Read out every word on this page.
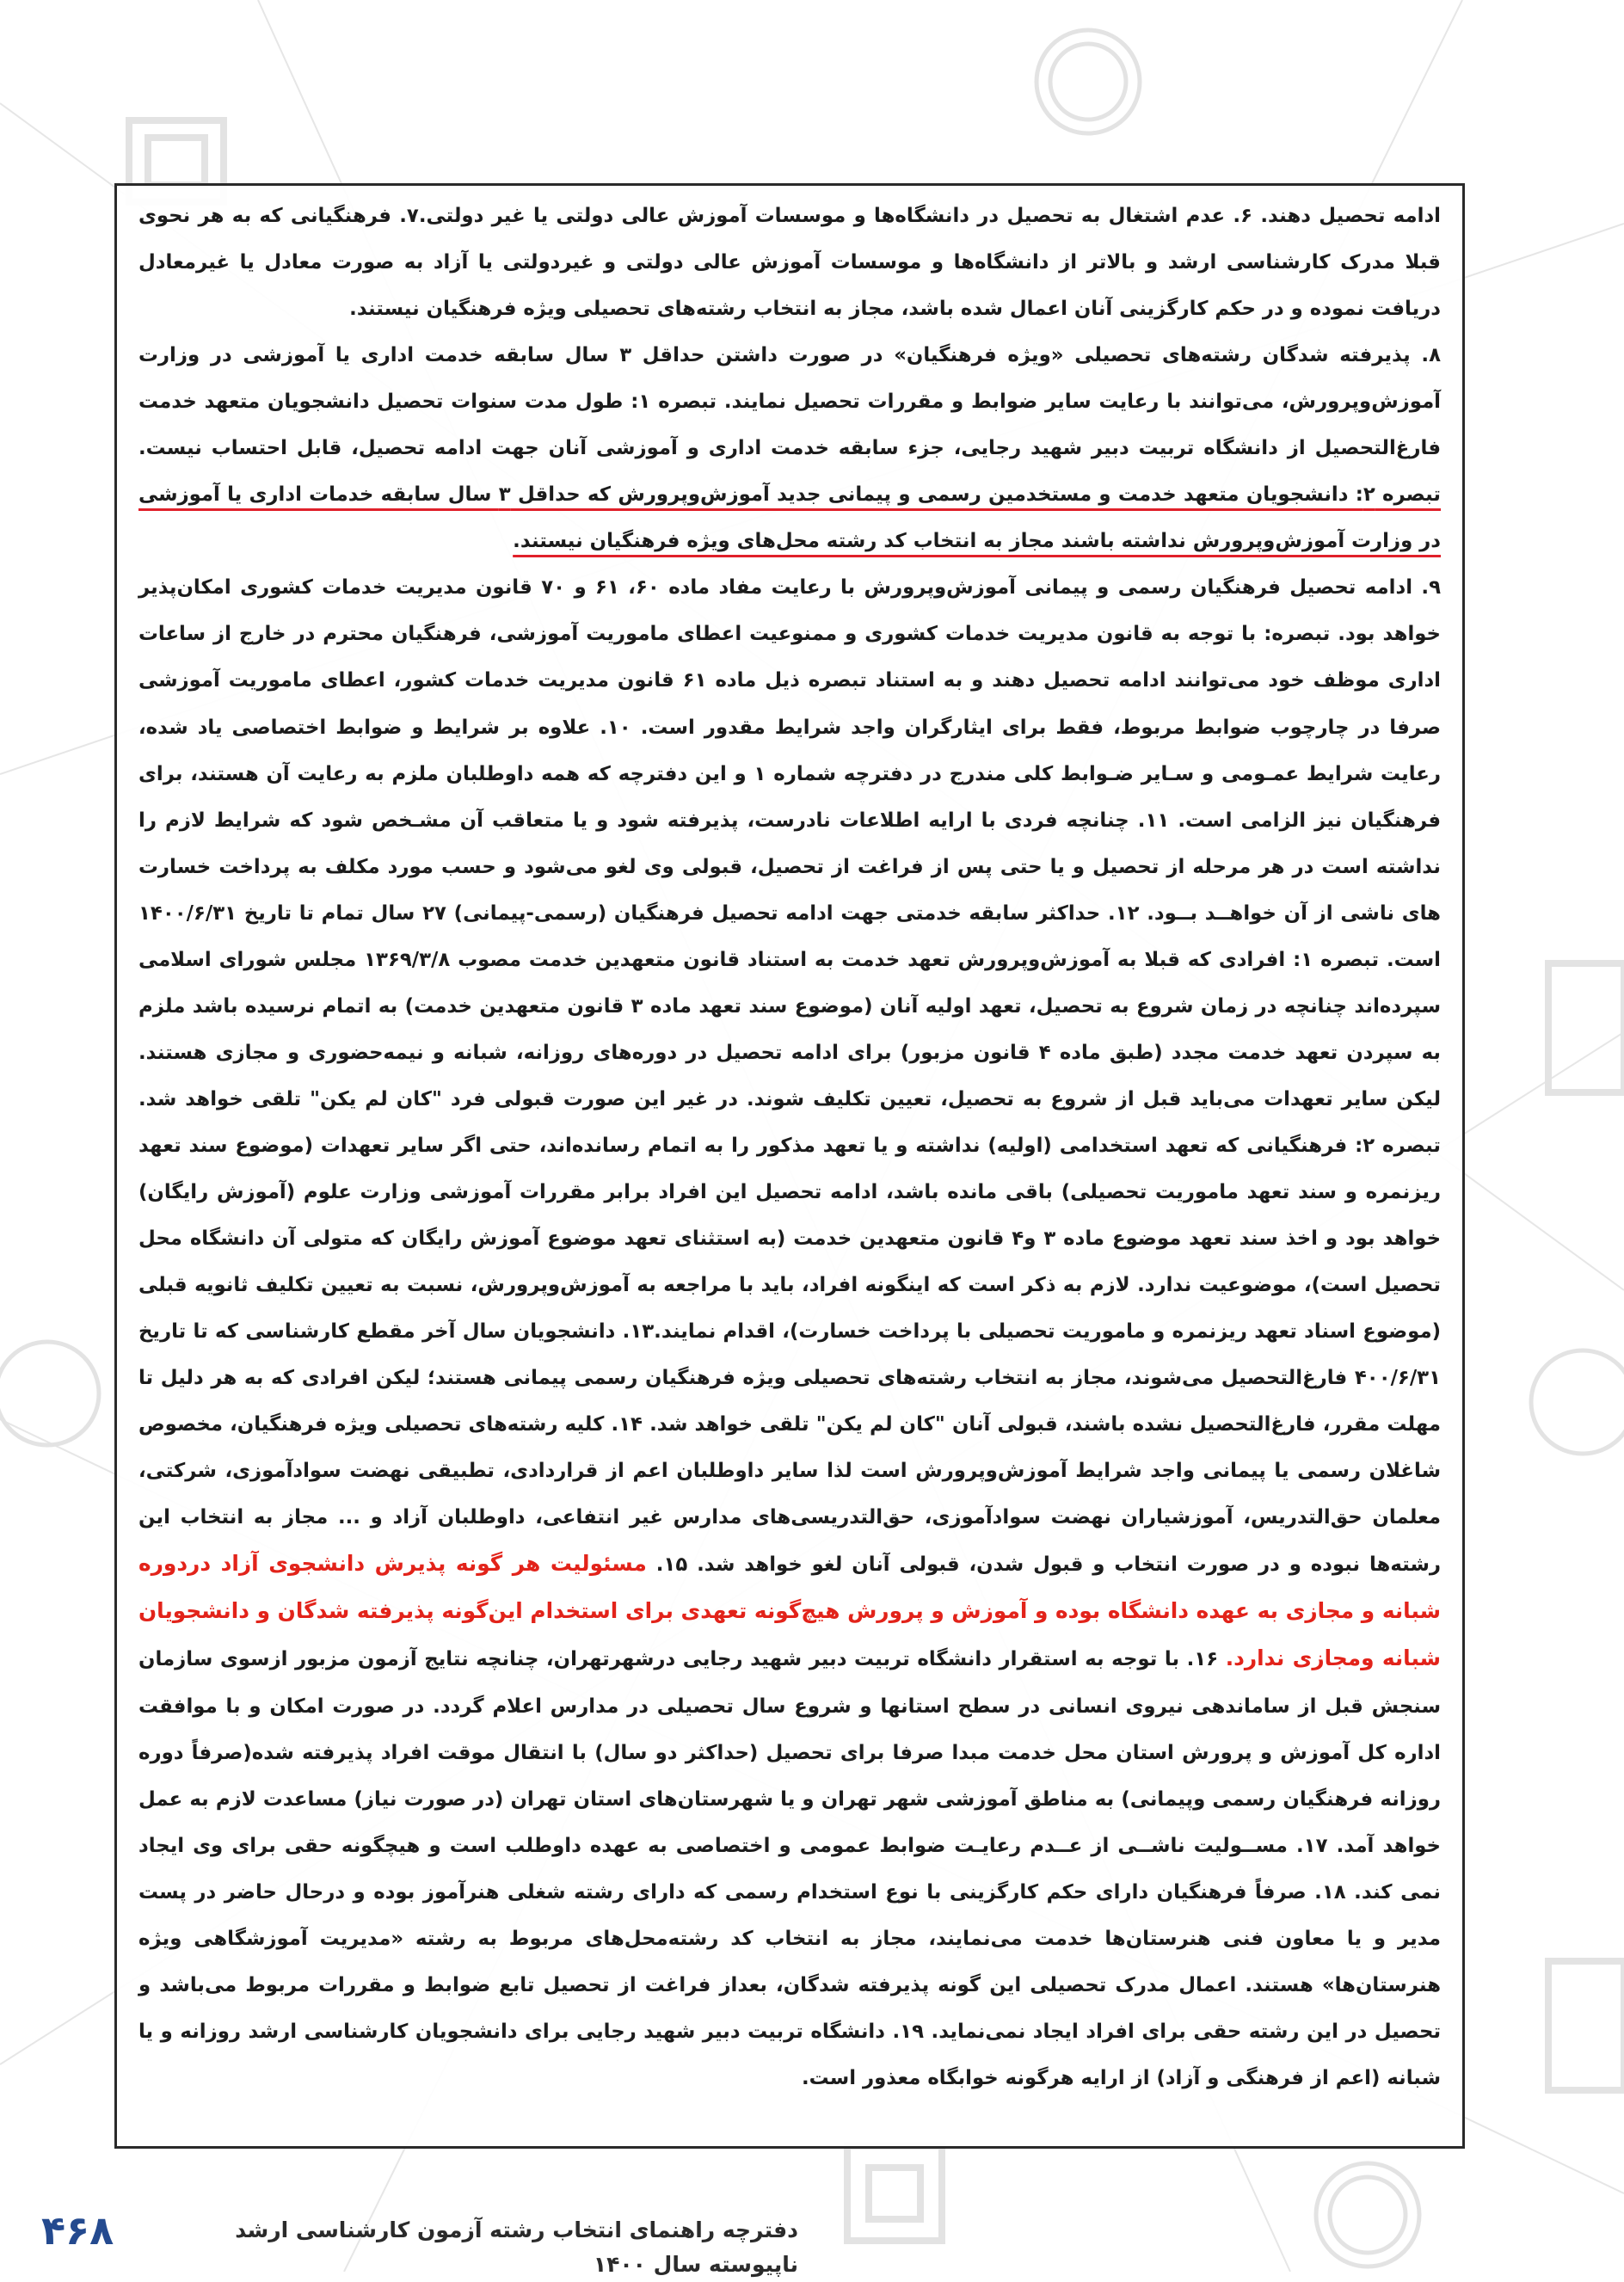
ادامه تحصیل دهند. ۶. عدم اشتغال به تحصیل در دانشگاه‌ها و موسسات آموزش عالی دولتی یا غیر دولتی.۷. فرهنگیانی که به هر نحوی قبلا مدرک کارشناسی ارشد و بالاتر از دانشگاه‌ها و موسسات آموزش عالی دولتی و غیردولتی یا آزاد به صورت معادل یا غیرمعادل دریافت نموده و در حکم کارگزینی آنان اعمال شده باشد، مجاز به انتخاب رشته‌های تحصیلی ویژه فرهنگیان نیستند.
۸. پذیرفته شدگان رشته‌های تحصیلی «ویژه فرهنگیان» در صورت داشتن حداقل ۳ سال سابقه خدمت اداری یا آموزشی در وزارت آموزش‌وپرورش، می‌توانند با رعایت سایر ضوابط و مقررات تحصیل نمایند. تبصره ۱: طول مدت سنوات تحصیل دانشجویان متعهد خدمت فارغ‌التحصیل از دانشگاه تربیت دبیر شهید رجایی، جزء سابقه خدمت اداری و آموزشی آنان جهت ادامه تحصیل، قابل احتساب نیست. تبصره ۲: دانشجویان متعهد خدمت و مستخدمین رسمی و پیمانی جدید آموزش‌وپرورش که حداقل ۳ سال سابقه خدمات اداری یا آموزشی در وزارت آموزش‌وپرورش نداشته باشند مجاز به انتخاب کد رشته محل‌های ویژه فرهنگیان نیستند.
۹. ادامه تحصیل فرهنگیان رسمی و پیمانی آموزش‌وپرورش با رعایت مفاد ماده ۶۰، ۶۱ و ۷۰ قانون مدیریت خدمات کشوری امکان‌پذیر خواهد بود. تبصره: با توجه به قانون مدیریت خدمات کشوری و ممنوعیت اعطای ماموریت آموزشی، فرهنگیان محترم در خارج از ساعات اداری موظف خود می‌توانند ادامه تحصیل دهند و به استناد تبصره ذیل ماده ۶۱ قانون مدیریت خدمات کشور، اعطای ماموریت آموزشی صرفا در چارچوب ضوابط مربوط، فقط برای ایثارگران واجد شرایط مقدور است. ۱۰. علاوه بر شرایط و ضوابط اختصاصی یاد شده، رعایت شرایط عمـومی و سـایر ضـوابط کلی مندرج در دفترچه شماره ۱ و این دفترچه که همه داوطلبان ملزم به رعایت آن هستند، برای فرهنگیان نیز الزامی است. ۱۱. چنانچه فردی با ارایه اطلاعات نادرست، پذیرفته شود و یا متعاقب آن مشـخص شود که شرایط لازم را نداشته است در هر مرحله از تحصیل و یا حتی پس از فراغت از تحصیل، قبولی وی لغو می‌شود و حسب مورد مکلف به پرداخت خسارت های ناشی از آن خواهــد بــود. ۱۲. حداکثر سابقه خدمتی جهت ادامه تحصیل فرهنگیان (رسمی-پیمانی) ۲۷ سال تمام تا تاریخ ۱۴۰۰/۶/۳۱ است. تبصره ۱: افرادی که قبلا به آموزش‌وپرورش تعهد خدمت به استناد قانون متعهدین خدمت مصوب ۱۳۶۹/۳/۸ مجلس شورای اسلامی سپرده‌اند چنانچه در زمان شروع به تحصیل، تعهد اولیه آنان (موضوع سند تعهد ماده ۳ قانون متعهدین خدمت) به اتمام نرسیده باشد ملزم به سپردن تعهد خدمت مجدد (طبق ماده ۴ قانون مزبور) برای ادامه تحصیل در دوره‌های روزانه، شبانه و نیمه‌حضوری و مجازی هستند. لیکن سایر تعهدات می‌باید قبل از شروع به تحصیل، تعیین تکلیف شوند. در غیر این صورت قبولی فرد "کان لم یکن" تلقی خواهد شد. تبصره ۲: فرهنگیانی که تعهد استخدامی (اولیه) نداشته و یا تعهد مذکور را به اتمام رسانده‌اند، حتی اگر سایر تعهدات (موضوع سند تعهد ریزنمره و سند تعهد ماموریت تحصیلی) باقی مانده باشد، ادامه تحصیل این افراد برابر مقررات آموزشی وزارت علوم (آموزش رایگان) خواهد بود و اخذ سند تعهد موضوع ماده ۳ و۴ قانون متعهدین خدمت (به استثنای تعهد موضوع آموزش رایگان که متولی آن دانشگاه محل تحصیل است)، موضوعیت ندارد. لازم به ذکر است که اینگونه افراد، باید با مراجعه به آموزش‌وپرورش، نسبت به تعیین تکلیف ثانویه قبلی (موضوع اسناد تعهد ریزنمره و ماموریت تحصیلی با پرداخت خسارت)، اقدام نمایند.۱۳. دانشجویان سال آخر مقطع کارشناسی که تا تاریخ ۴۰۰/۶/۳۱ فارغ‌التحصیل می‌شوند، مجاز به انتخاب رشته‌های تحصیلی ویژه فرهنگیان رسمی پیمانی هستند؛ لیکن افرادی که به هر دلیل تا مهلت مقرر، فارغ‌التحصیل نشده باشند، قبولی آنان "کان لم یکن" تلقی خواهد شد. ۱۴. کلیه رشته‌های تحصیلی ویژه فرهنگیان، مخصوص شاغلان رسمی یا پیمانی واجد شرایط آموزش‌وپرورش است لذا سایر داوطلبان اعم از قراردادی، تطبیقی نهضت سوادآموزی، شرکتی، معلمان حق‌التدریس، آموزشیاران نهضت سوادآموزی، حق‌التدریسی‌های مدارس غیر انتفاعی، داوطلبان آزاد و ... مجاز به انتخاب این رشته‌ها نبوده و در صورت انتخاب و قبول شدن، قبولی آنان لغو خواهد شد. ۱۵. مسئولیت هر گونه پذیرش دانشجوی آزاد دردوره شبانه و مجازی به عهده دانشگاه بوده و آموزش و پرورش هیچ‌گونه تعهدی برای استخدام این‌گونه پذیرفته شدگان و دانشجویان شبانه ومجازی ندارد. ۱۶. با توجه به استقرار دانشگاه تربیت دبیر شهید رجایی درشهرتهران، چنانچه نتایج آزمون مزبور ازسوی سازمان سنجش قبل از ساماندهی نیروی انسانی در سطح استانها و شروع سال تحصیلی در مدارس اعلام گردد. در صورت امکان و با موافقت اداره کل آموزش و پرورش استان محل خدمت مبدا صرفا برای تحصیل (حداکثر دو سال) با انتقال موقت افراد پذیرفته شده(صرفاً دوره روزانه فرهنگیان رسمی وپیمانی) به مناطق آموزشی شهر تهران و یا شهرستان‌های استان تهران (در صورت نیاز) مساعدت لازم به عمل خواهد آمد. ۱۷. مســولیت ناشــی از عــدم رعایـت ضوابط عمومی و اختصاصی به عهده داوطلب است و هیچگونه حقی برای وی ایجاد نمی کند. ۱۸. صرفاً فرهنگیان دارای حکم کارگزینی با نوع استخدام رسمی که دارای رشته شغلی هنرآموز بوده و درحال حاضر در پست مدیر و یا معاون فنی هنرستان‌ها خدمت می‌نمایند، مجاز به انتخاب کد رشته‌محل‌های مربوط به رشته «مدیریت آموزشگاهی ویژه هنرستان‌ها» هستند. اعمال مدرک تحصیلی این گونه پذیرفته شدگان، بعداز فراغت از تحصیل تابع ضوابط و مقررات مربوط می‌باشد و تحصیل در این رشته حقی برای افراد ایجاد نمی‌نماید. ۱۹. دانشگاه تربیت دبیر شهید رجایی برای دانشجویان کارشناسی ارشد روزانه و یا شبانه (اعم از فرهنگی و آزاد) از ارایه هرگونه خوابگاه معذور است.
۴۶۸	دفترچه راهنمای انتخاب رشته آزمون کارشناسی ارشد ناپیوسته سال ۱۴۰۰
